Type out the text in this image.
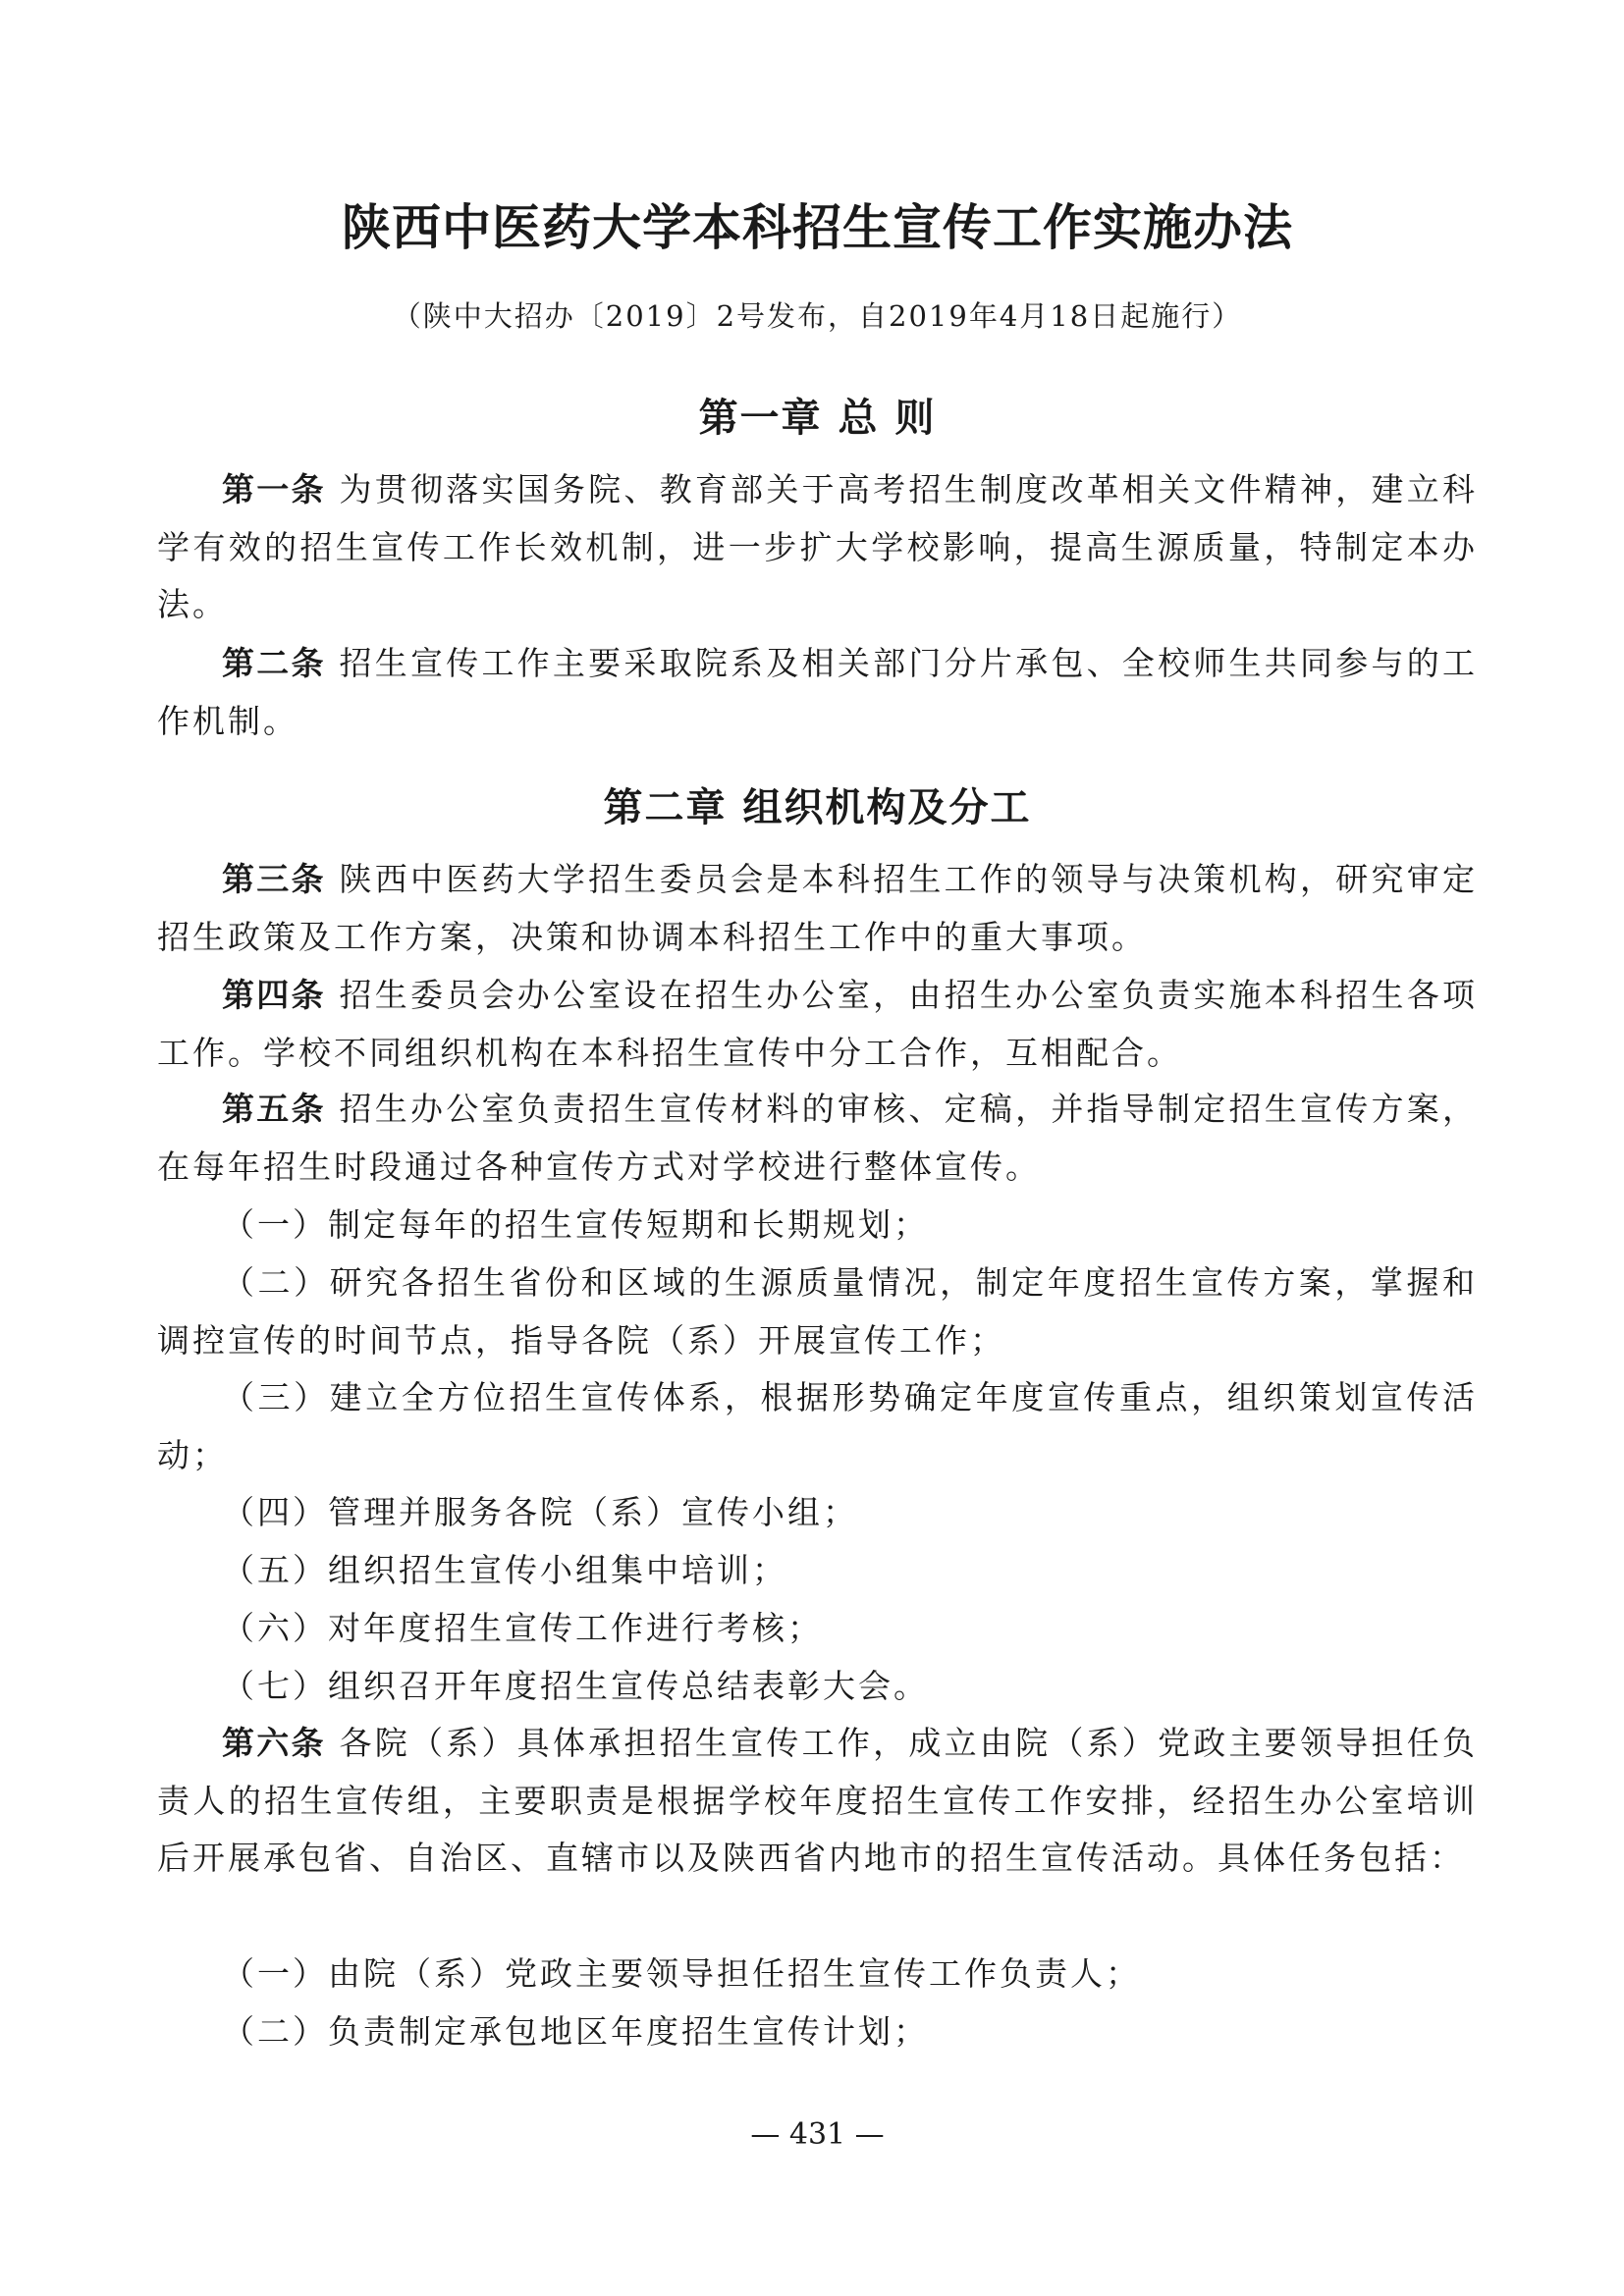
陕西中医药大学本科招生宣传工作实施办法

（陕中大招办〔2019〕2号发布，自2019年4月18日起施行）

第一章 总 则

第一条 为贯彻落实国务院、教育部关于高考招生制度改革相关文件精神，建立科学有效的招生宣传工作长效机制，进一步扩大学校影响，提高生源质量，特制定本办法。

第二条 招生宣传工作主要采取院系及相关部门分片承包、全校师生共同参与的工作机制。

第二章 组织机构及分工

第三条 陕西中医药大学招生委员会是本科招生工作的领导与决策机构，研究审定招生政策及工作方案，决策和协调本科招生工作中的重大事项。

第四条 招生委员会办公室设在招生办公室，由招生办公室负责实施本科招生各项工作。学校不同组织机构在本科招生宣传中分工合作，互相配合。

第五条 招生办公室负责招生宣传材料的审核、定稿，并指导制定招生宣传方案，在每年招生时段通过各种宣传方式对学校进行整体宣传。

（一）制定每年的招生宣传短期和长期规划；

（二）研究各招生省份和区域的生源质量情况，制定年度招生宣传方案，掌握和调控宣传的时间节点，指导各院（系）开展宣传工作；

（三）建立全方位招生宣传体系，根据形势确定年度宣传重点，组织策划宣传活动；

（四）管理并服务各院（系）宣传小组；

（五）组织招生宣传小组集中培训；

（六）对年度招生宣传工作进行考核；

（七）组织召开年度招生宣传总结表彰大会。

第六条 各院（系）具体承担招生宣传工作，成立由院（系）党政主要领导担任负责人的招生宣传组，主要职责是根据学校年度招生宣传工作安排，经招生办公室培训后开展承包省、自治区、直辖市以及陕西省内地市的招生宣传活动。具体任务包括：

（一）由院（系）党政主要领导担任招生宣传工作负责人；

（二）负责制定承包地区年度招生宣传计划；

— 431 —
